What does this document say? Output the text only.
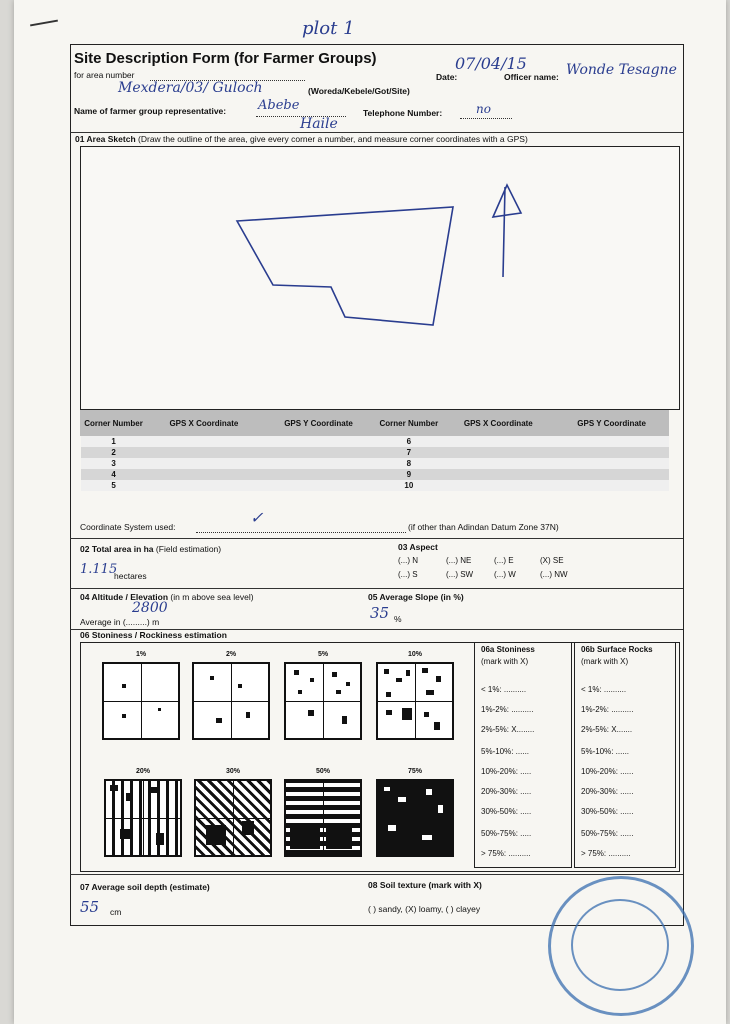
plot 1
Site Description Form (for Farmer Groups)
for area number
Mexdera/03/ Guloch	(Woreda/Kebele/Got/Site)
Date:
07/04/15
Officer name: Wonde Tesagne
Name of farmer group representative: Abebe
Haile
Telephone Number:	no
01 Area Sketch (Draw the outline of the area, give every corner a number, and measure corner coordinates with a GPS)
Corner Number	GPS X Coordinate	GPS Y Coordinate	Corner Number	GPS X Coordinate	GPS Y Coordinate
1			6		
2			7		
3			8		
4			9		
5			10		
Coordinate System used:	✓	(if other than Adindan Datum Zone 37N)
02 Total area in ha (Field estimation)
1.115
hectares
03 Aspect
(...) N	(...) NE	(...) E	(X) SE
(...) S	(...) SW	(...) W	(...) NW
04 Altitude / Elevation (in m above sea level)
2800
Average in (.........) m
05 Average Slope (in %)
35 %
06 Stoniness / Rockiness estimation
1%	2%	5%	10%
20%	30%	50%	75%
06a Stoniness
(mark with X)
< 1%: ..........
1%-2%: ..........
2%-5%: X........
5%-10%: ......
10%-20%: .....
20%-30%: .....
30%-50%: .....
50%-75%: .....
> 75%: ..........
06b Surface Rocks
(mark with X)
< 1%: ..........
1%-2%: ..........
2%-5%: X.......
5%-10%: ......
10%-20%: ......
20%-30%: ......
30%-50%: ......
50%-75%: ......
> 75%: ..........
07 Average soil depth (estimate)
55 cm
08 Soil texture (mark with X)
( ) sandy, (X) loamy, ( ) clayey
